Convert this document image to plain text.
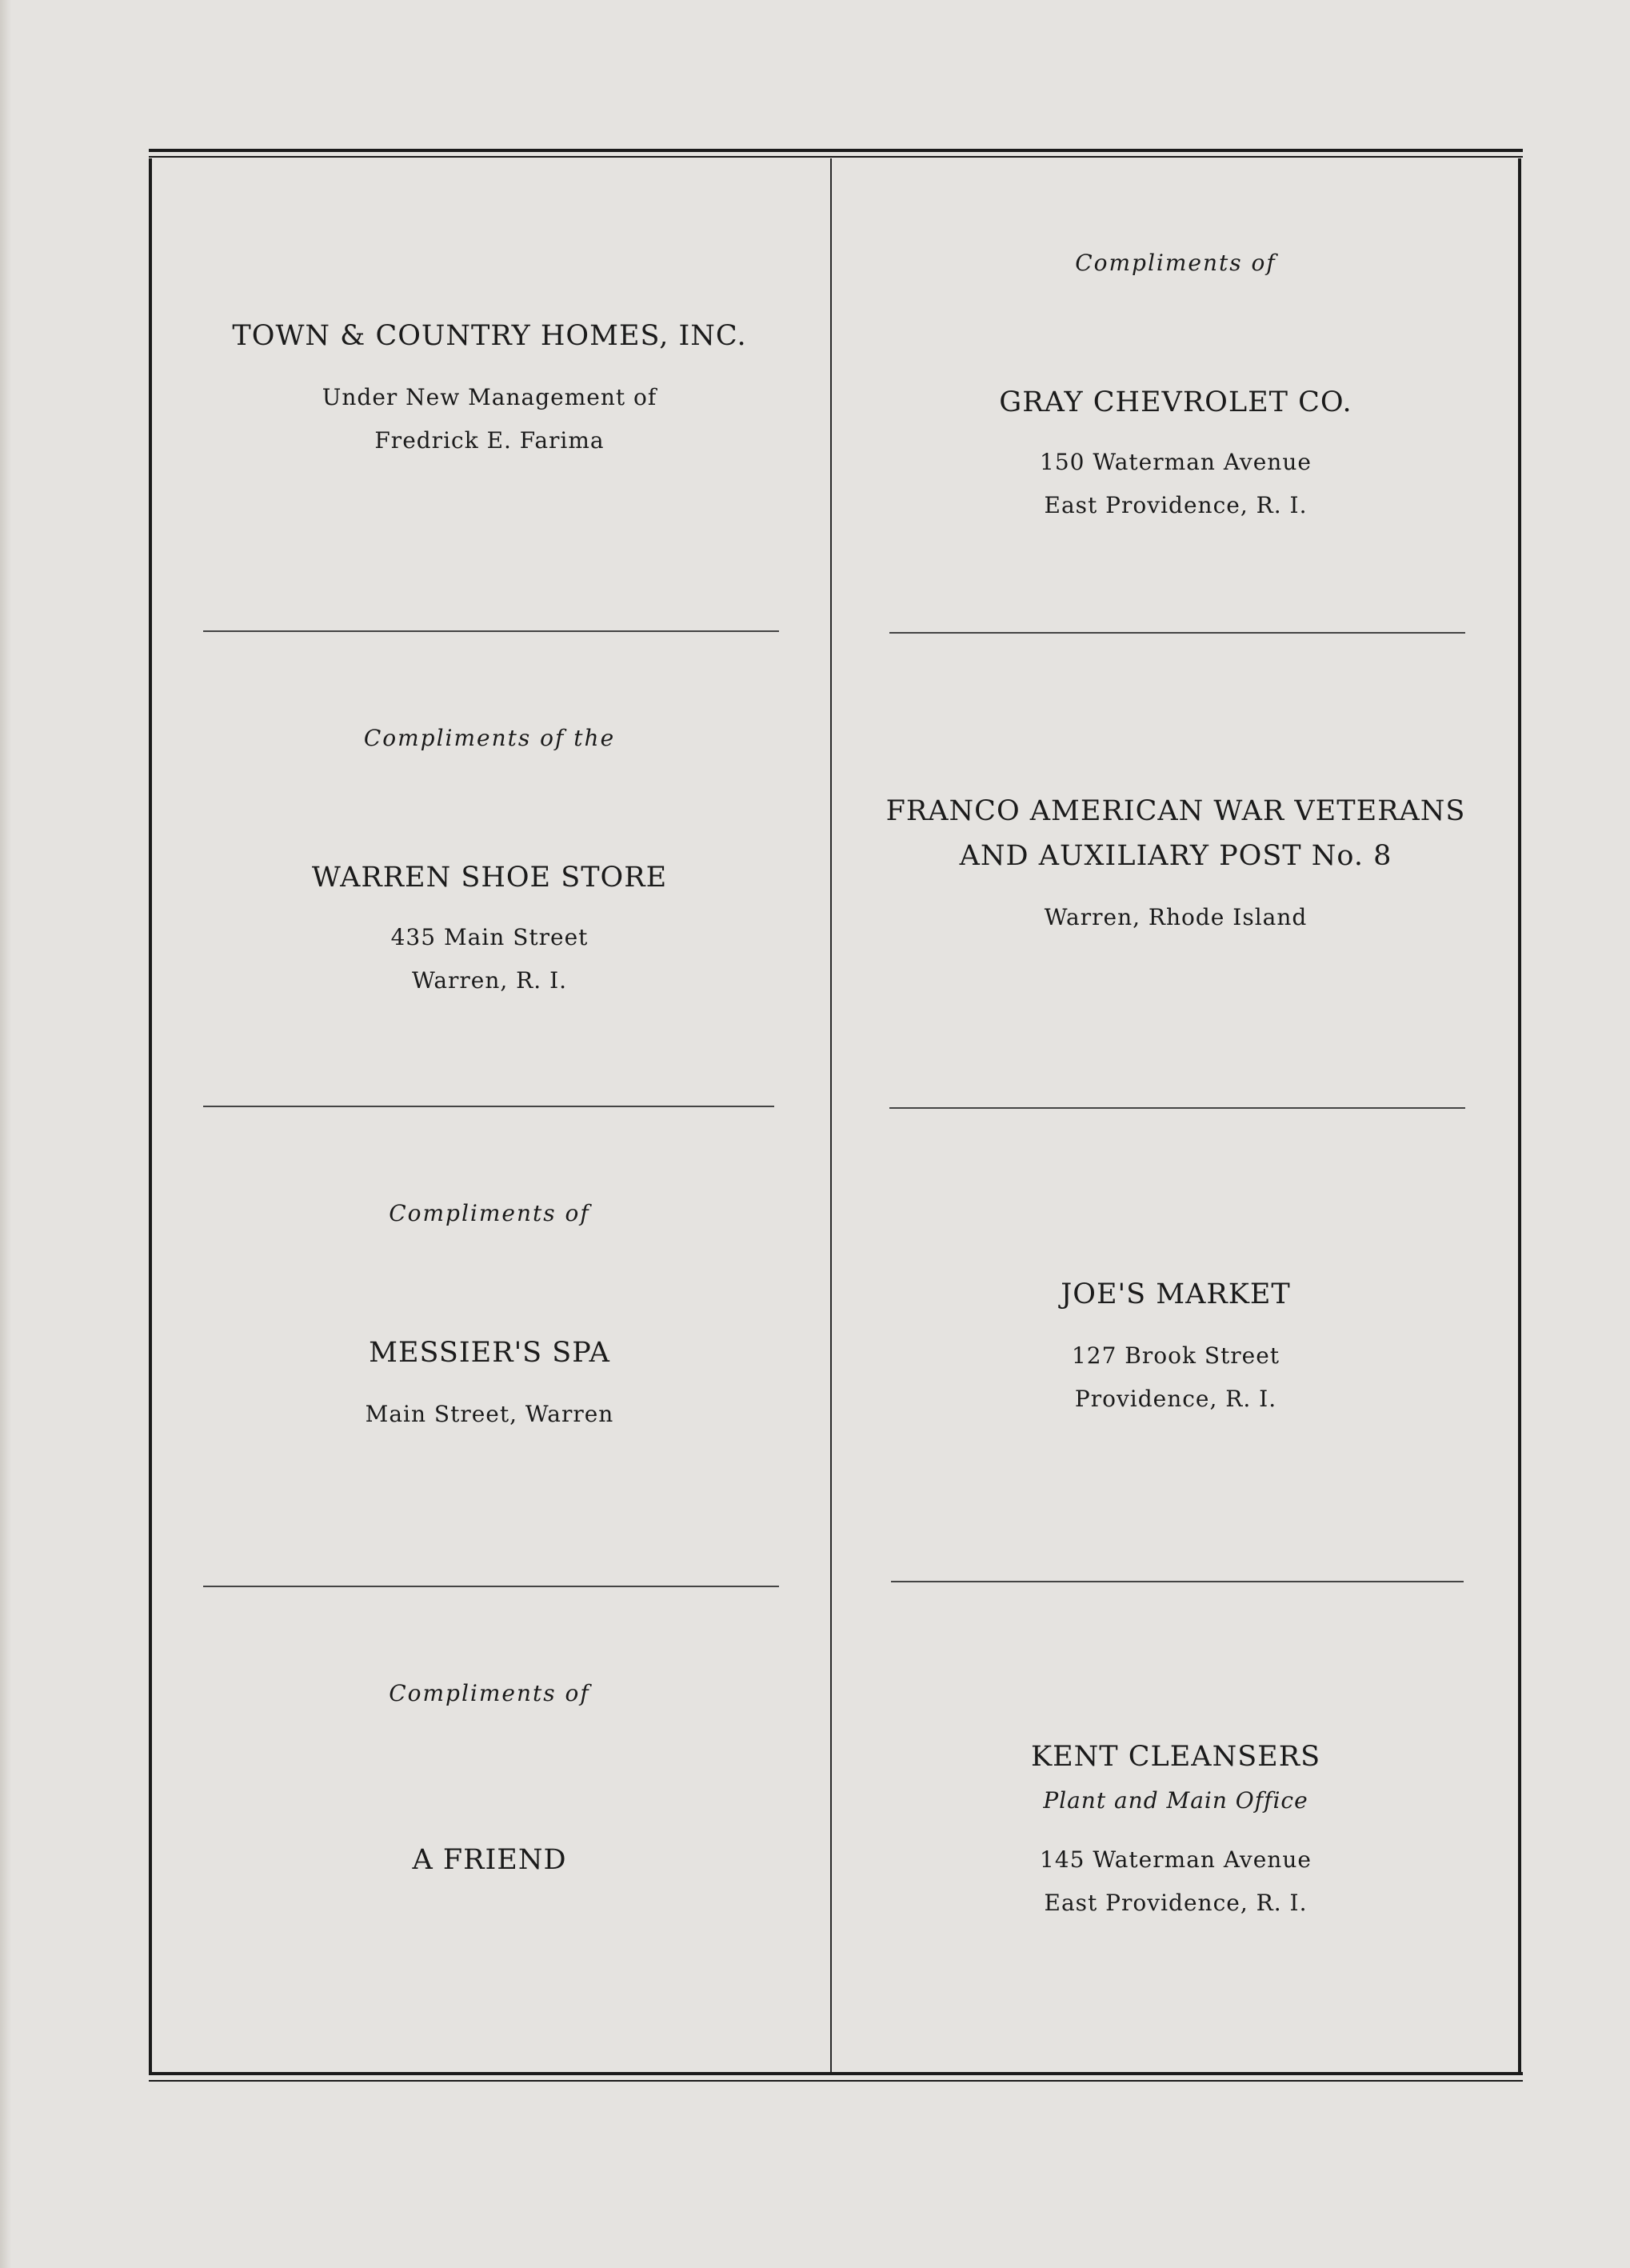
TOWN & COUNTRY HOMES, INC.

Under New Management of

Fredrick E. Farima

Compliments of the

WARREN SHOE STORE

435 Main Street

Warren, R. I.

Compliments of

MESSIER'S SPA

Main Street, Warren

Compliments of

A FRIEND

Compliments of

GRAY CHEVROLET CO.

150 Waterman Avenue

East Providence, R. I.

FRANCO AMERICAN WAR VETERANS

AND AUXILIARY POST No. 8

Warren, Rhode Island

JOE'S MARKET

127 Brook Street

Providence, R. I.

KENT CLEANSERS

Plant and Main Office

145 Waterman Avenue

East Providence, R. I.
